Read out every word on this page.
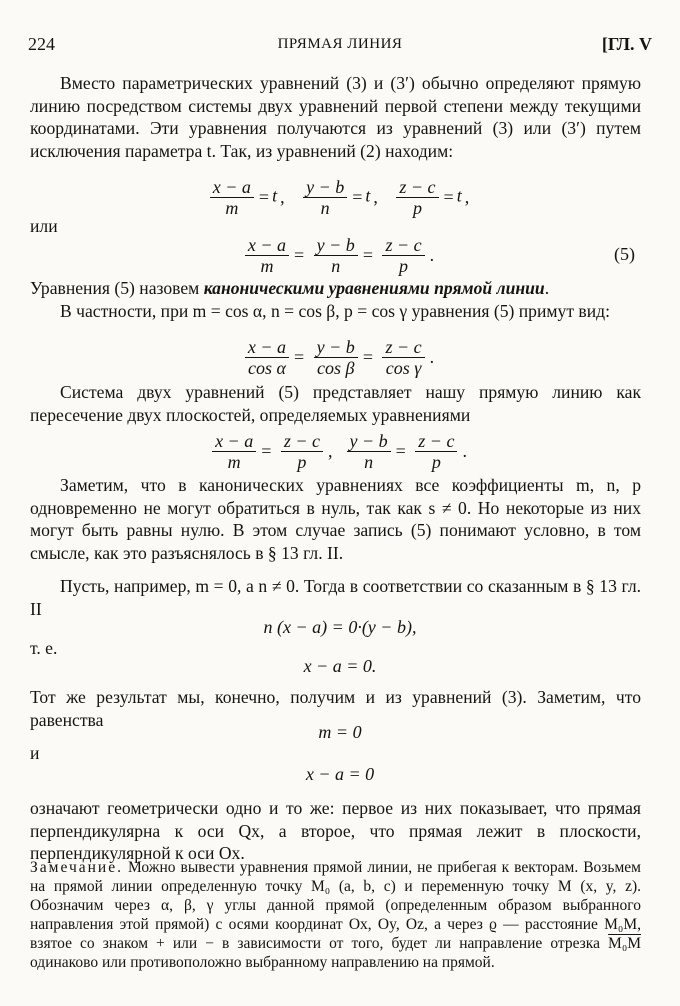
224	ПРЯМАЯ ЛИНИЯ	[ГЛ. V

Вместо параметрических уравнений (3) и (3′) обычно определяют прямую линию посредством системы двух уравнений первой степени между текущими координатами. Эти уравнения получаются из уравнений (3) или (3′) путем исключения параметра t. Так, из уравнений (2) находим:

$\frac{x - a}{m} = t$ , $\frac{y - b}{n} = t$ , $\frac{z - c}{p} = t$ ,
или
$\frac{x - a}{m} = \frac{y - b}{n} = \frac{z - c}{p}$ .	(5)

Уравнения (5) назовем каноническими уравнениями прямой линии.

В частности, при m = cos α, n = cos β, p = cos γ уравнения (5) примут вид:

$\frac{x - a}{\text{cos α}} = \frac{y - b}{\text{cos β}} = \frac{z - c}{\text{cos γ}}$ .

Система двух уравнений (5) представляет нашу прямую линию как пересечение двух плоскостей, определяемых уравнениями

$\frac{x - a}{m} = \frac{z - c}{p}$ , $\frac{y - b}{n} = \frac{z - c}{p}$ .

Заметим, что в канонических уравнениях все коэффициенты m, n, p одновременно не могут обратиться в нуль, так как s ≠ 0. Но некоторые из них могут быть равны нулю. В этом случае запись (5) понимают условно, в том смысле, как это разъяснялось в § 13 гл. II.

Пусть, например, m = 0, а n ≠ 0. Тогда в соответствии со сказанным в § 13 гл. II

n (x − a) = 0·(y − b),
т. е.
x − a = 0.

Тот же результат мы, конечно, получим и из уравнений (3). Заметим, что равенства

m = 0
и
x − a = 0

означают геометрически одно и то же: первое из них показывает, что прямая перпендикулярна к оси Qx, а второе, что прямая лежит в плоскости, перпендикулярной к оси Ox.

Замечание. Можно вывести уравнения прямой линии, не прибегая к векторам. Возьмем на прямой линии определенную точку M₀ (a, b, c) и переменную точку M (x, y, z). Обозначим через α, β, γ углы данной прямой (определенным образом выбранного направления этой прямой) с осями координат Ox, Oy, Oz, а через ϱ — расстояние M₀M, взятое со знаком + или − в зависимости от того, будет ли направление отрезка M₀M одинаково или противоположно выбранному направлению на прямой.
